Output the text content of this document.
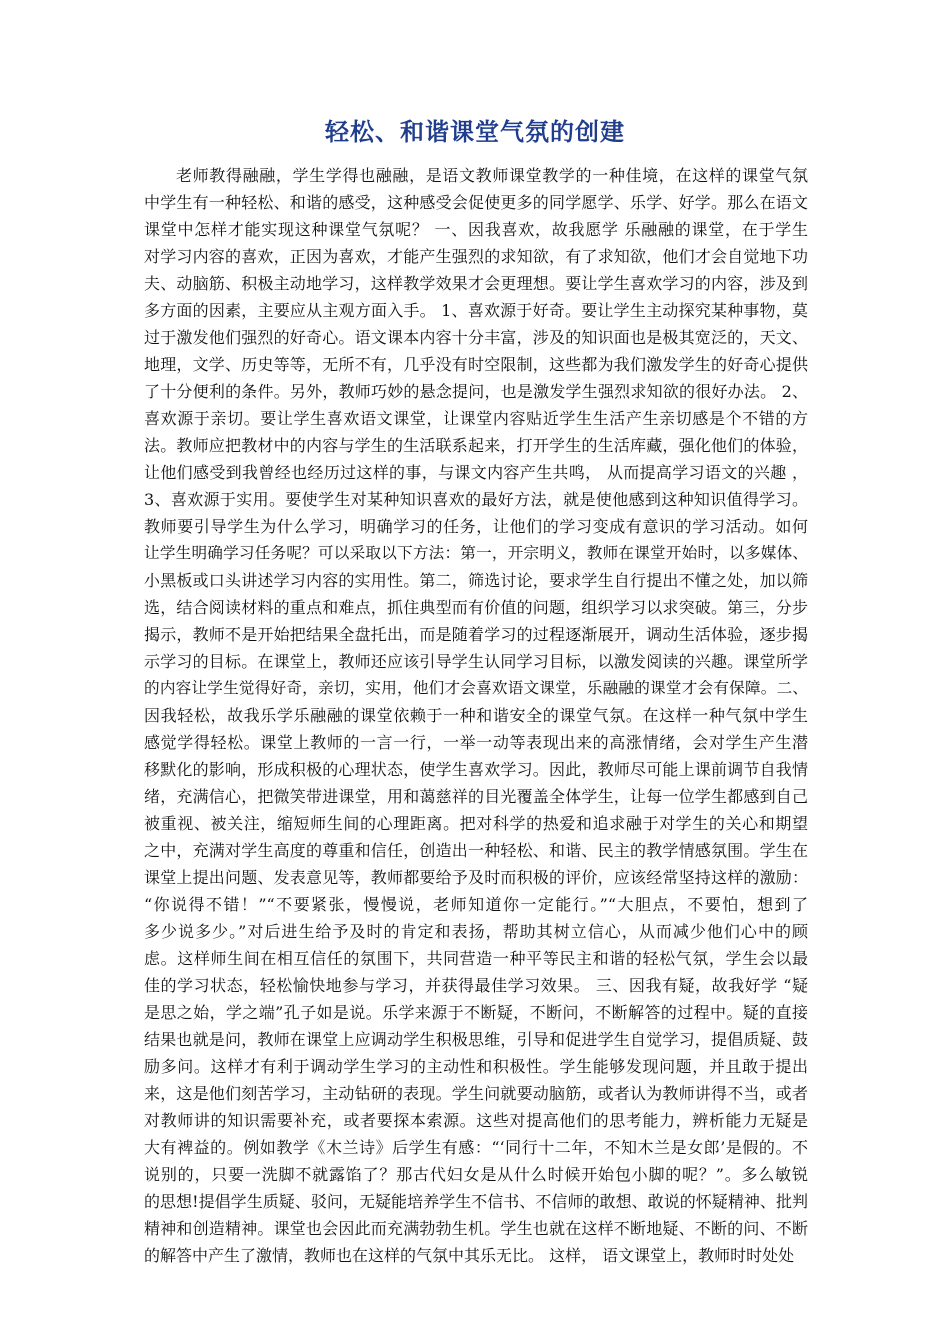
轻松、和谐课堂气氛的创建
老师教得融融，学生学得也融融，是语文教师课堂教学的一种佳境，在这样的课堂气氛
中学生有一种轻松、和谐的感受，这种感受会促使更多的同学愿学、乐学、好学。那么在语文
课堂中怎样才能实现这种课堂气氛呢？ 一、因我喜欢，故我愿学 乐融融的课堂，在于学生
对学习内容的喜欢，正因为喜欢，才能产生强烈的求知欲，有了求知欲，他们才会自觉地下功
夫、动脑筋、积极主动地学习，这样教学效果才会更理想。要让学生喜欢学习的内容，涉及到
多方面的因素，主要应从主观方面入手。 1、喜欢源于好奇。要让学生主动探究某种事物，莫
过于激发他们强烈的好奇心。语文课本内容十分丰富，涉及的知识面也是极其宽泛的，天文、
地理，文学、历史等等，无所不有，几乎没有时空限制，这些都为我们激发学生的好奇心提供
了十分便利的条件。另外，教师巧妙的悬念提问，也是激发学生强烈求知欲的很好办法。 2、
喜欢源于亲切。要让学生喜欢语文课堂，让课堂内容贴近学生生活产生亲切感是个不错的方
法。教师应把教材中的内容与学生的生活联系起来，打开学生的生活库藏，强化他们的体验，
让他们感受到我曾经也经历过这样的事，与课文内容产生共鸣， 从而提高学习语文的兴趣 ，
3、喜欢源于实用。要使学生对某种知识喜欢的最好方法，就是使他感到这种知识值得学习。
教师要引导学生为什么学习，明确学习的任务，让他们的学习变成有意识的学习活动。如何
让学生明确学习任务呢？可以采取以下方法：第一，开宗明义，教师在课堂开始时，以多媒体、
小黑板或口头讲述学习内容的实用性。第二，筛选讨论，要求学生自行提出不懂之处，加以筛
选，结合阅读材料的重点和难点，抓住典型而有价值的问题，组织学习以求突破。第三，分步
揭示，教师不是开始把结果全盘托出，而是随着学习的过程逐渐展开，调动生活体验，逐步揭
示学习的目标。在课堂上，教师还应该引导学生认同学习目标，以激发阅读的兴趣。课堂所学
的内容让学生觉得好奇，亲切，实用，他们才会喜欢语文课堂，乐融融的课堂才会有保障。二、
因我轻松，故我乐学乐融融的课堂依赖于一种和谐安全的课堂气氛。在这样一种气氛中学生
感觉学得轻松。课堂上教师的一言一行，一举一动等表现出来的高涨情绪，会对学生产生潜
移默化的影响，形成积极的心理状态，使学生喜欢学习。因此，教师尽可能上课前调节自我情
绪，充满信心，把微笑带进课堂，用和蔼慈祥的目光覆盖全体学生，让每一位学生都感到自己
被重视、被关注，缩短师生间的心理距离。把对科学的热爱和追求融于对学生的关心和期望
之中，充满对学生高度的尊重和信任，创造出一种轻松、和谐、民主的教学情感氛围。学生在
课堂上提出问题、发表意见等，教师都要给予及时而积极的评价，应该经常坚持这样的激励：
“你说得不错！”“不要紧张，慢慢说，老师知道你一定能行。”“大胆点，不要怕，想到了
多少说多少。”对后进生给予及时的肯定和表扬，帮助其树立信心，从而减少他们心中的顾
虑。这样师生间在相互信任的氛围下，共同营造一种平等民主和谐的轻松气氛，学生会以最
佳的学习状态，轻松愉快地参与学习，并获得最佳学习效果。 三、因我有疑，故我好学 “疑
是思之始，学之端”孔子如是说。乐学来源于不断疑，不断问，不断解答的过程中。疑的直接
结果也就是问，教师在课堂上应调动学生积极思维，引导和促进学生自觉学习，提倡质疑、鼓
励多问。这样才有利于调动学生学习的主动性和积极性。学生能够发现问题，并且敢于提出
来，这是他们刻苦学习，主动钻研的表现。学生问就要动脑筋，或者认为教师讲得不当，或者
对教师讲的知识需要补充，或者要探本索源。这些对提高他们的思考能力，辨析能力无疑是
大有裨益的。例如教学《木兰诗》后学生有感：“‘同行十二年，不知木兰是女郎’是假的。不
说别的，只要一洗脚不就露馅了？那古代妇女是从什么时候开始包小脚的呢？”。多么敏锐
的思想!提倡学生质疑、驳问，无疑能培养学生不信书、不信师的敢想、敢说的怀疑精神、批判
精神和创造精神。课堂也会因此而充满勃勃生机。学生也就在这样不断地疑、不断的问、不断
的解答中产生了激情，教师也在这样的气氛中其乐无比。 这样， 语文课堂上，教师时时处处
